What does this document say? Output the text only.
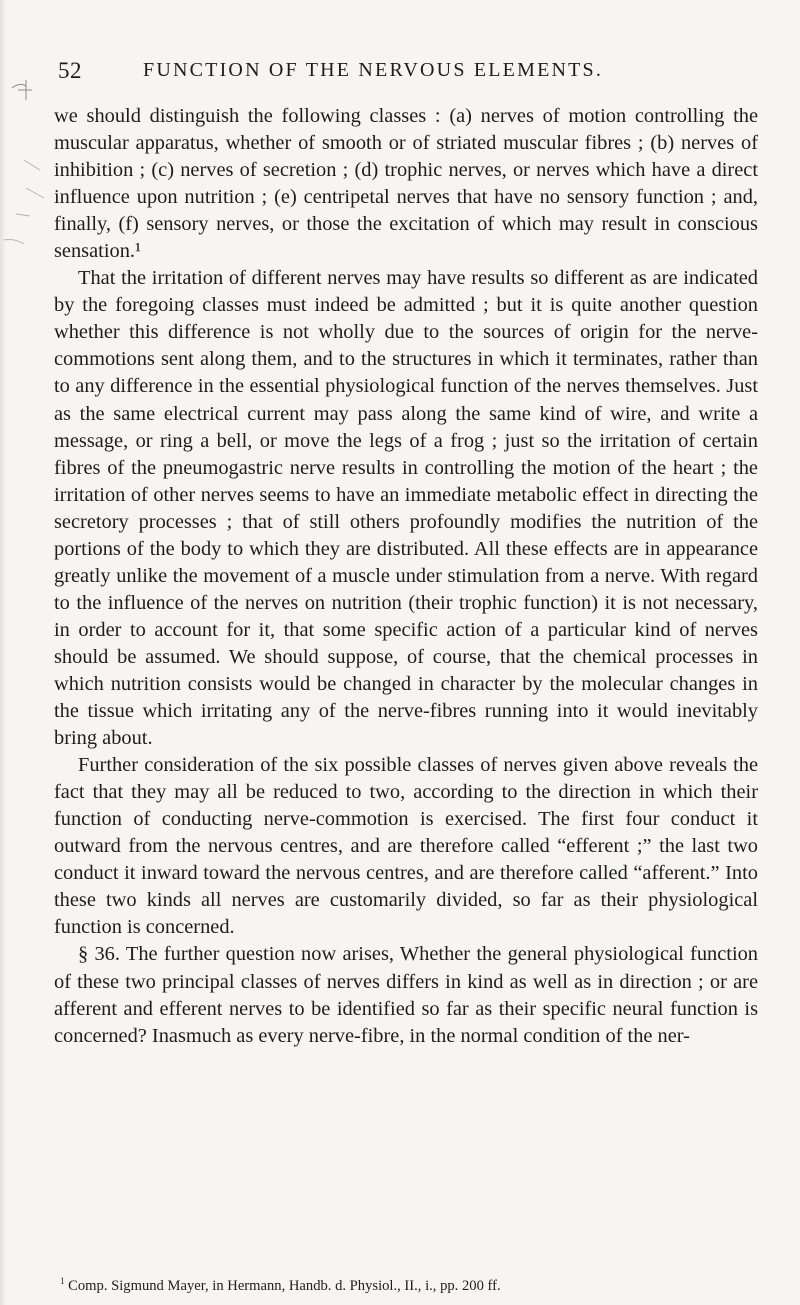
52	FUNCTION OF THE NERVOUS ELEMENTS.

we should distinguish the following classes : (a) nerves of motion controlling the muscular apparatus, whether of smooth or of striated muscular fibres ; (b) nerves of inhibition ; (c) nerves of secretion ; (d) trophic nerves, or nerves which have a direct influence upon nutrition ; (e) centripetal nerves that have no sensory function ; and, finally, (f) sensory nerves, or those the excitation of which may result in conscious sensation.¹

That the irritation of different nerves may have results so different as are indicated by the foregoing classes must indeed be admitted ; but it is quite another question whether this difference is not wholly due to the sources of origin for the nerve-commotions sent along them, and to the structures in which it terminates, rather than to any difference in the essential physiological function of the nerves themselves. Just as the same electrical current may pass along the same kind of wire, and write a message, or ring a bell, or move the legs of a frog ; just so the irritation of certain fibres of the pneumogastric nerve results in controlling the motion of the heart ; the irritation of other nerves seems to have an immediate metabolic effect in directing the secretory processes ; that of still others profoundly modifies the nutrition of the portions of the body to which they are distributed. All these effects are in appearance greatly unlike the movement of a muscle under stimulation from a nerve. With regard to the influence of the nerves on nutrition (their trophic function) it is not necessary, in order to account for it, that some specific action of a particular kind of nerves should be assumed. We should suppose, of course, that the chemical processes in which nutrition consists would be changed in character by the molecular changes in the tissue which irritating any of the nerve-fibres running into it would inevitably bring about.

Further consideration of the six possible classes of nerves given above reveals the fact that they may all be reduced to two, according to the direction in which their function of conducting nerve-commotion is exercised. The first four conduct it outward from the nervous centres, and are therefore called “efferent ;” the last two conduct it inward toward the nervous centres, and are therefore called “afferent.” Into these two kinds all nerves are customarily divided, so far as their physiological function is concerned.

§ 36. The further question now arises, Whether the general physiological function of these two principal classes of nerves differs in kind as well as in direction ; or are afferent and efferent nerves to be identified so far as their specific neural function is concerned? Inasmuch as every nerve-fibre, in the normal condition of the ner-

$^1$ Comp. Sigmund Mayer, in Hermann, Handb. d. Physiol., II., i., pp. 200 ff.
